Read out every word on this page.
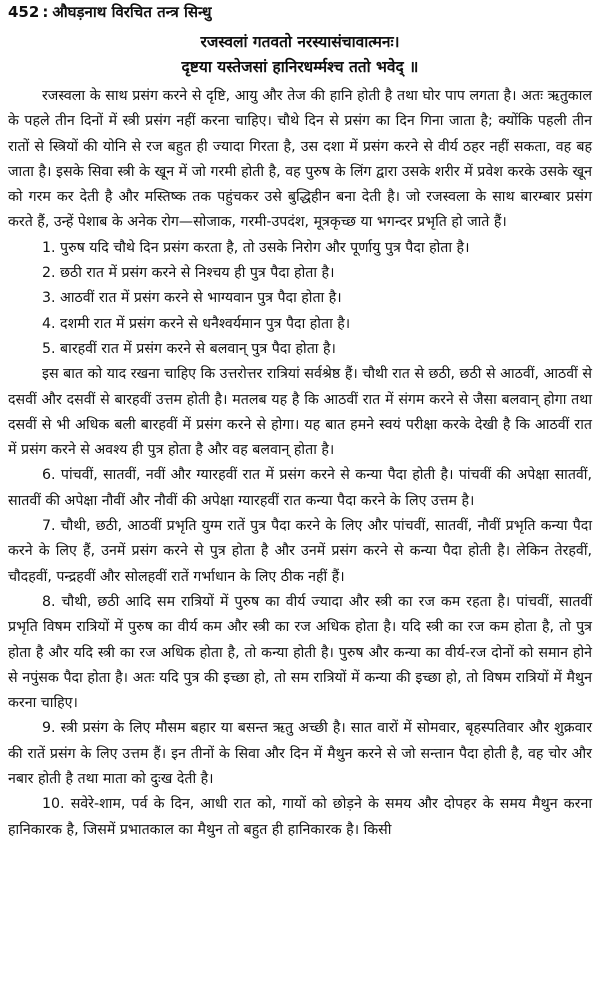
452 : औघड़नाथ विरचित तन्त्र सिन्धु
रजस्वलां गतवतो नरस्यासंचावात्मनः।
दृष्टया यस्तेजसां हानिरधर्म्मश्च ततो भवेद् ॥

रजस्वला के साथ प्रसंग करने से दृष्टि, आयु और तेज की हानि होती है तथा घोर पाप लगता है। अतः ऋतुकाल के पहले तीन दिनों में स्त्री प्रसंग नहीं करना चाहिए। चौथे दिन से प्रसंग का दिन गिना जाता है; क्योंकि पहली तीन रातों से स्त्रियों की योनि से रज बहुत ही ज्यादा गिरता है, उस दशा में प्रसंग करने से वीर्य ठहर नहीं सकता, वह बह जाता है। इसके सिवा स्त्री के खून में जो गरमी होती है, वह पुरुष के लिंग द्वारा उसके शरीर में प्रवेश करके उसके खून को गरम कर देती है और मस्तिष्क तक पहुंचकर उसे बुद्धिहीन बना देती है। जो रजस्वला के साथ बारम्बार प्रसंग करते हैं, उन्हें पेशाब के अनेक रोग—सोजाक, गरमी-उपदंश, मूत्रकृच्छ या भगन्दर प्रभृति हो जाते हैं।

1. पुरुष यदि चौथे दिन प्रसंग करता है, तो उसके निरोग और पूर्णायु पुत्र पैदा होता है।

2. छठी रात में प्रसंग करने से निश्चय ही पुत्र पैदा होता है।

3. आठवीं रात में प्रसंग करने से भाग्यवान पुत्र पैदा होता है।

4. दशमी रात में प्रसंग करने से धनैश्वर्यमान पुत्र पैदा होता है।

5. बारहवीं रात में प्रसंग करने से बलवान् पुत्र पैदा होता है।

इस बात को याद रखना चाहिए कि उत्तरोत्तर रात्रियां सर्वश्रेष्ठ हैं। चौथी रात से छठी, छठी से आठवीं, आठवीं से दसवीं और दसवीं से बारहवीं उत्तम होती है। मतलब यह है कि आठवीं रात में संगम करने से जैसा बलवान् होगा तथा दसवीं से भी अधिक बली बारहवीं में प्रसंग करने से होगा। यह बात हमने स्वयं परीक्षा करके देखी है कि आठवीं रात में प्रसंग करने से अवश्य ही पुत्र होता है और वह बलवान् होता है।

6. पांचवीं, सातवीं, नवीं और ग्यारहवीं रात में प्रसंग करने से कन्या पैदा होती है। पांचवीं की अपेक्षा सातवीं, सातवीं की अपेक्षा नौवीं और नौवीं की अपेक्षा ग्यारहवीं रात कन्या पैदा करने के लिए उत्तम है।

7. चौथी, छठी, आठवीं प्रभृति युग्म रातें पुत्र पैदा करने के लिए और पांचवीं, सातवीं, नौवीं प्रभृति कन्या पैदा करने के लिए हैं, उनमें प्रसंग करने से पुत्र होता है और उनमें प्रसंग करने से कन्या पैदा होती है। लेकिन तेरहवीं, चौदहवीं, पन्द्रहवीं और सोलहवीं रातें गर्भाधान के लिए ठीक नहीं हैं।

8. चौथी, छठी आदि सम रात्रियों में पुरुष का वीर्य ज्यादा और स्त्री का रज कम रहता है। पांचवीं, सातवीं प्रभृति विषम रात्रियों में पुरुष का वीर्य कम और स्त्री का रज अधिक होता है। यदि स्त्री का रज कम होता है, तो पुत्र होता है और यदि स्त्री का रज अधिक होता है, तो कन्या होती है। पुरुष और कन्या का वीर्य-रज दोनों को समान होने से नपुंसक पैदा होता है। अतः यदि पुत्र की इच्छा हो, तो सम रात्रियों में कन्या की इच्छा हो, तो विषम रात्रियों में मैथुन करना चाहिए।

9. स्त्री प्रसंग के लिए मौसम बहार या बसन्त ऋतु अच्छी है। सात वारों में सोमवार, बृहस्पतिवार और शुक्रवार की रातें प्रसंग के लिए उत्तम हैं। इन तीनों के सिवा और दिन में मैथुन करने से जो सन्तान पैदा होती है, वह चोर और नबार होती है तथा माता को दुःख देती है।

10. सवेरे-शाम, पर्व के दिन, आधी रात को, गायों को छोड़ने के समय और दोपहर के समय मैथुन करना हानिकारक है, जिसमें प्रभातकाल का मैथुन तो बहुत ही हानिकारक है। किसी
